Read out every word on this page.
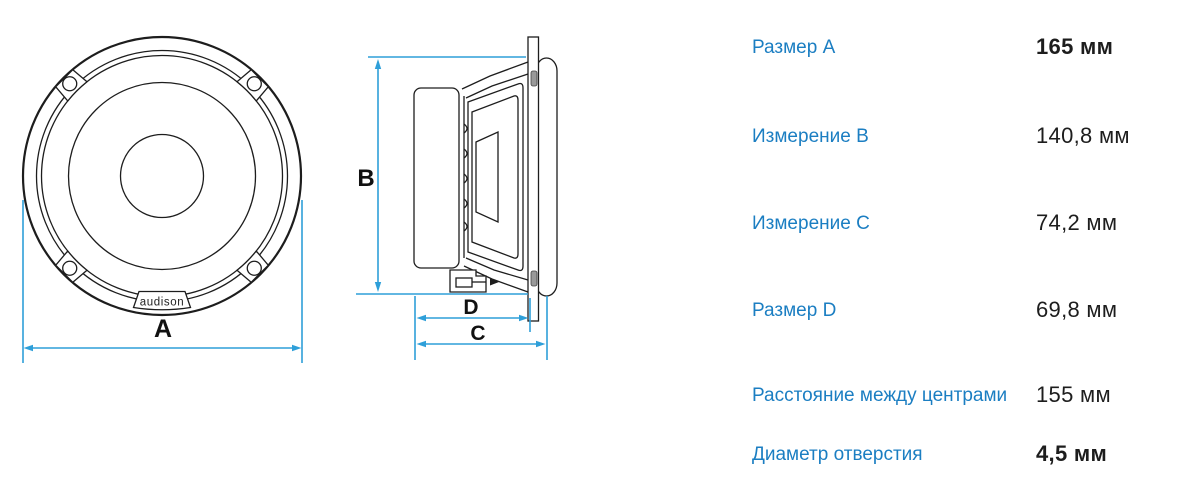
audison
A
B
D
C
Размер A	165 мм
Измерение B	140,8 мм
Измерение C	74,2 мм
Размер D	69,8 мм
Расстояние между центрами 155 мм
Диаметр отверстия	4,5 мм
